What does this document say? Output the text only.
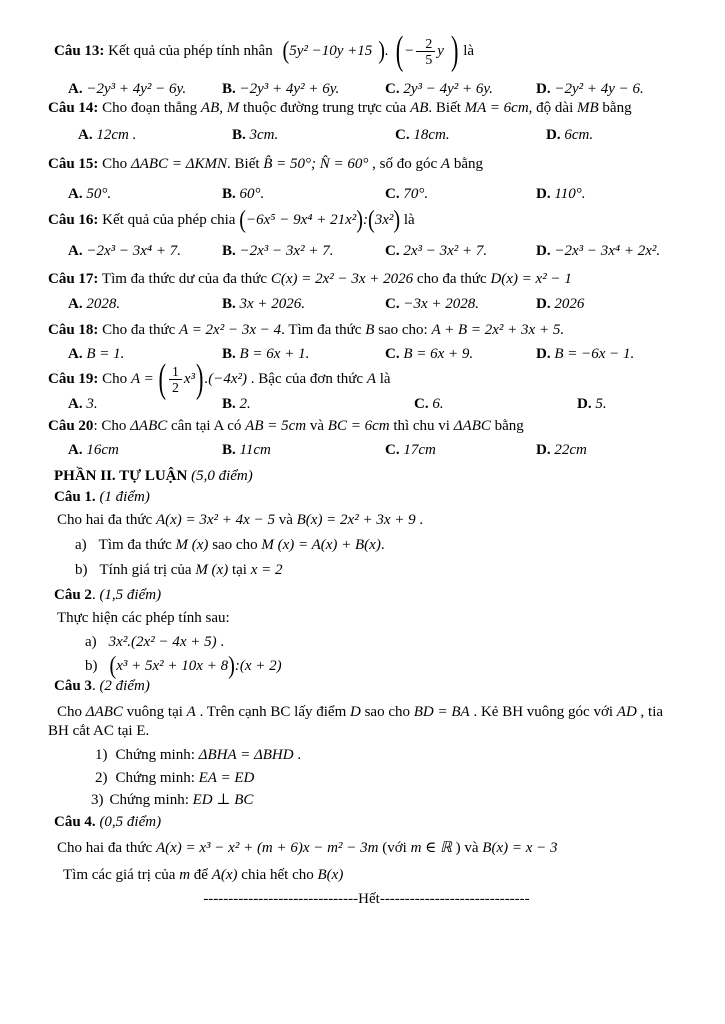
Câu 13: Kết quả của phép tính nhân (5y² −10y +15 ). (− $\frac{2}{5}$ y ) là
A. −2y³ + 4y² − 6y.	B. −2y³ + 4y² + 6y.	C. 2y³ − 4y² + 6y.	D. −2y² + 4y − 6.
Câu 14: Cho đoạn thẳng AB, M thuộc đường trung trực của AB. Biết MA = 6cm, độ dài MB bằng
A. 12cm .	B. 3cm.	C. 18cm.	D. 6cm.
Câu 15: Cho ΔABC = ΔKMN. Biết B̂ = 50°; N̂ = 60° , số đo góc A bằng
A. 50°.	B. 60°.	C. 70°.	D. 110°.
Câu 16: Kết quả của phép chia (−6x⁵ − 9x⁴ + 21x²):(3x²) là
A. −2x³ − 3x⁴ + 7.	B. −2x³ − 3x² + 7.	C. 2x³ − 3x² + 7.	D. −2x³ − 3x⁴ + 2x².
Câu 17: Tìm đa thức dư của đa thức C(x) = 2x² − 3x + 2026 cho đa thức D(x) = x² − 1
A. 2028.	B. 3x + 2026.	C. −3x + 2028.	D. 2026
Câu 18: Cho đa thức A = 2x² − 3x − 4. Tìm đa thức B sao cho: A + B = 2x² + 3x + 5.
A. B = 1.	B. B = 6x + 1.	C. B = 6x + 9.	D. B = −6x − 1.
Câu 19: Cho A = ( $\frac{1}{2} x^3).(-4x^2)$ . Bậc của đơn thức A là
A. 3.	B. 2.	C. 6.	D. 5.
Câu 20: Cho ΔABC cân tại A có AB = 5cm và BC = 6cm thì chu vi ΔABC bằng
A. 16cm	B. 11cm	C. 17cm	D. 22cm
PHẦN II. TỰ LUẬN (5,0 điểm)
Câu 1. (1 điểm)
Cho hai đa thức A(x) = 3x² + 4x − 5 và B(x) = 2x² + 3x + 9 .
a) Tìm đa thức M (x) sao cho M (x) = A(x) + B(x).
b) Tính giá trị của M (x) tại x = 2
Câu 2. (1,5 điểm)
Thực hiện các phép tính sau:
a) 3x².(2x² − 4x + 5) .
b) (x³ + 5x² + 10x + 8):(x + 2)
Câu 3. (2 điểm)
Cho ΔABC vuông tại A . Trên cạnh BC lấy điểm D sao cho BD = BA . Kẻ BH vuông góc với AD , tia
BH cắt AC tại E.
1) Chứng minh: ΔBHA = ΔBHD .
2) Chứng minh: EA = ED
3) Chứng minh: ED ⊥ BC
Câu 4. (0,5 điểm)
Cho hai đa thức A(x) = x³ − x² + (m + 6)x − m² − 3m (với m ∈ ℝ ) và B(x) = x − 3
Tìm các giá trị của m để A(x) chia hết cho B(x)
-------------------------------Hết------------------------------
